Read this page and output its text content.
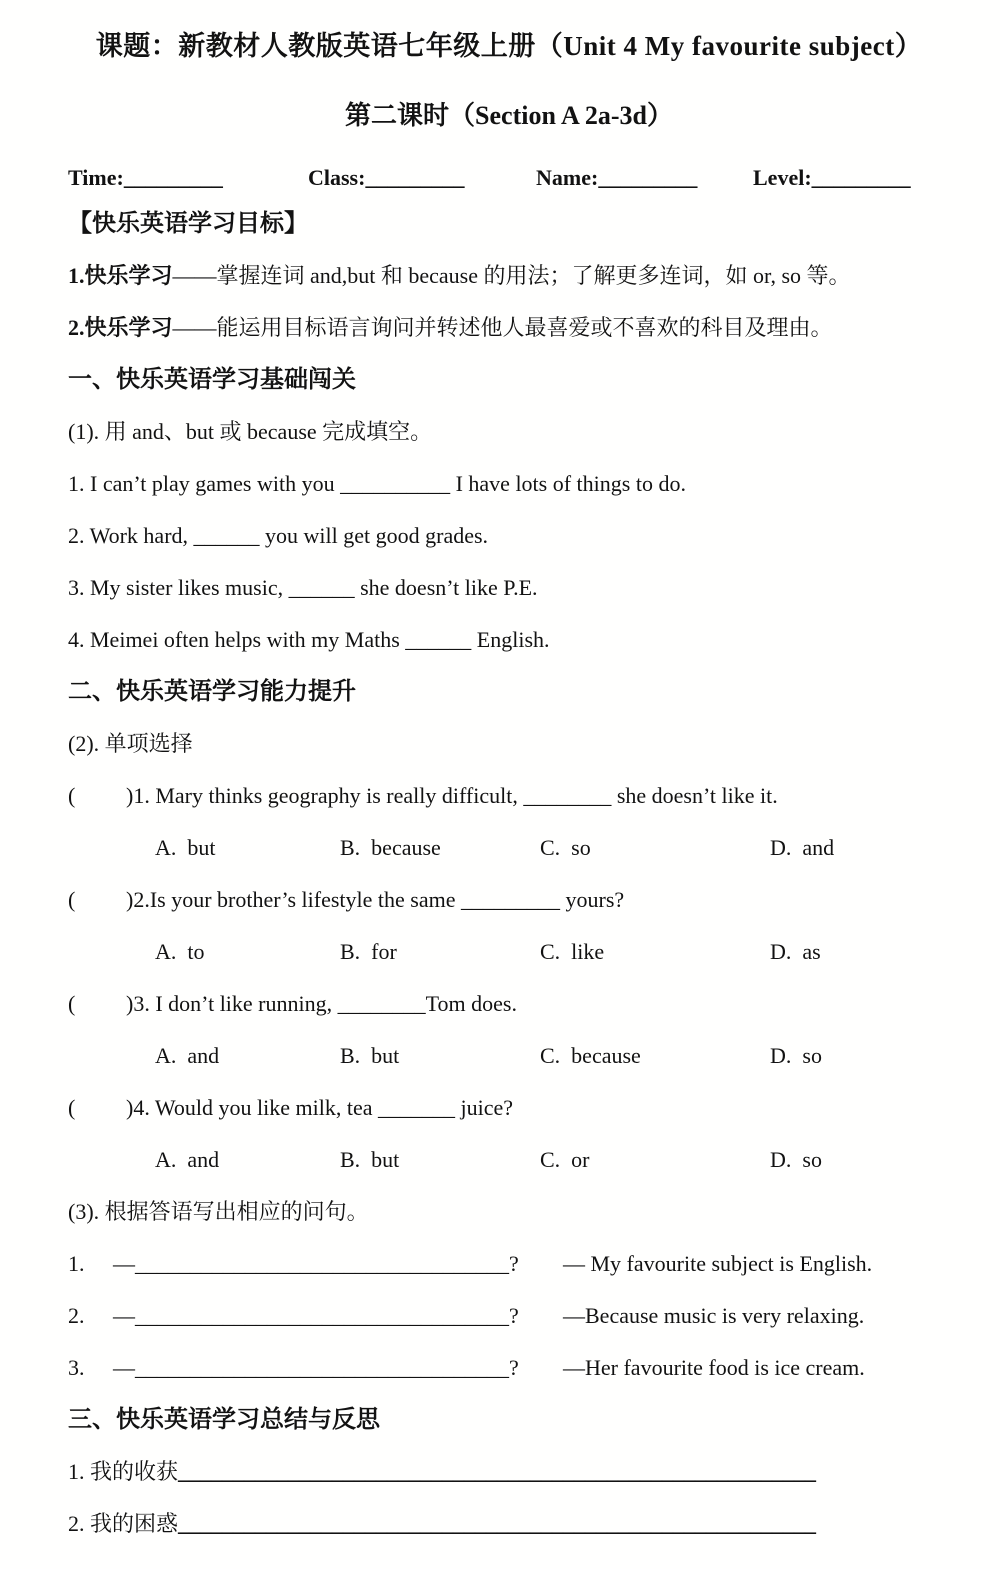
课题：新教材人教版英语七年级上册（Unit 4 My favourite subject）
第二课时（Section A 2a-3d）
Time:_________	Class:_________	Name:_________	Level:_________
【快乐英语学习目标】
1.快乐学习——掌握连词 and,but 和 because 的用法；了解更多连词，如 or, so 等。
2.快乐学习——能运用目标语言询问并转述他人最喜爱或不喜欢的科目及理由。
一、快乐英语学习基础闯关
(1). 用 and、but 或 because 完成填空。
1. I can’t play games with you __________ I have lots of things to do.
2. Work hard, ______ you will get good grades.
3. My sister likes music, ______ she doesn’t like P.E.
4. Meimei often helps with my Maths ______ English.
二、快乐英语学习能力提升
(2). 单项选择
( )1. Mary thinks geography is really difficult, ________ she doesn’t like it.
A.  but	B.  because	C.  so	D.  and
( )2.Is your brother’s lifestyle the same _________ yours?
A.  to	B.  for	C.  like	D.  as
( )3. I don’t like running, ________Tom does.
A.  and	B.  but	C.  because	D.  so
( )4. Would you like milk, tea _______ juice?
A.  and	B.  but	C.  or	D.  so
(3). 根据答语写出相应的问句。
1. —__________________________________? — My favourite subject is English.
2. —__________________________________? —Because music is very relaxing.
3. —__________________________________? —Her favourite food is ice cream.
三、快乐英语学习总结与反思
1. 我的收获__________________________________________________________
2. 我的困惑__________________________________________________________
